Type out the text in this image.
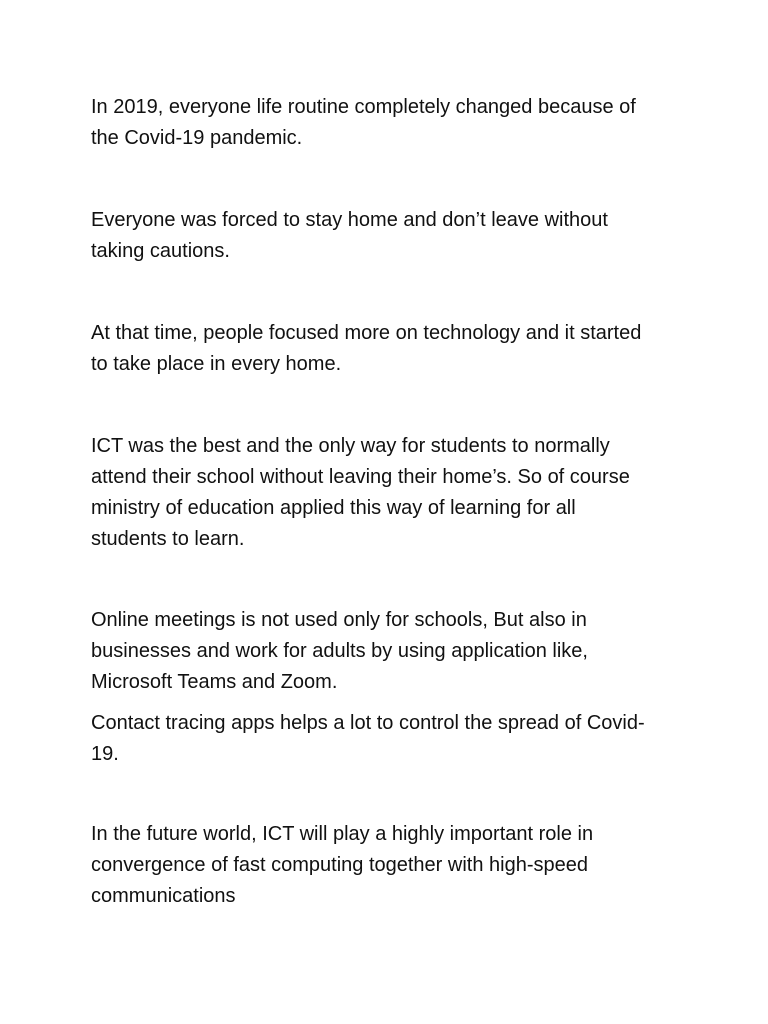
In 2019, everyone life routine completely changed because of
the Covid-19 pandemic.

Everyone was forced to stay home and don’t leave without
taking cautions.

At that time, people focused more on technology and it started
to take place in every home.

ICT was the best and the only way for students to normally
attend their school without leaving their home’s. So of course
ministry of education applied this way of learning for all
students to learn.

Online meetings is not used only for schools, But also in
businesses and work for adults by using application like,
Microsoft Teams and Zoom.

Contact tracing apps helps a lot to control the spread of Covid-
19.

In the future world, ICT will play a highly important role in
convergence of fast computing together with high-speed
communications
